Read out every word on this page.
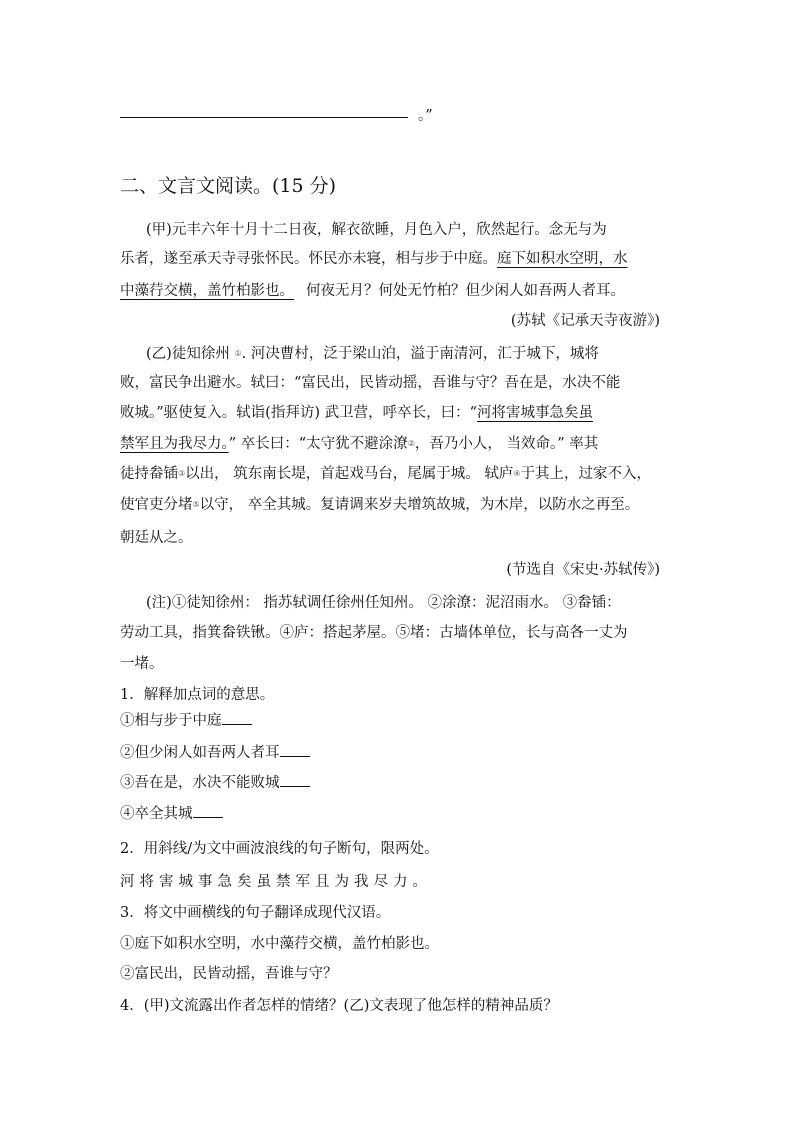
。”
二、文言文阅读。(15 分)
(甲)元丰六年十月十二日夜，解衣欲睡，月色入户，欣然起行。念无与为
乐者，遂至承天寺寻张怀民。怀民亦未寝，相与步于中庭。庭下如积水空明，水
中藻荇交横，盖竹柏影也。 何夜无月？何处无竹柏？但少闲人如吾两人者耳。
(苏轼《记承天寺夜游》)
(乙)徒知徐州 ①. 河决曹村，泛于梁山泊，溢于南清河，汇于城下，城将
败，富民争出避水。轼曰：“富民出，民皆动摇，吾谁与守？吾在是，水决不能
败城。”驱使复入。轼诣(指拜访) 武卫营，呼卒长，曰：“河将害城事急矣虽
禁军且为我尽力。” 卒长曰：“太守犹不避涂潦②，吾乃小人， 当效命。” 率其
徒持畚锸③以出， 筑东南长堤，首起戏马台，尾属于城。 轼庐④于其上，过家不入，
使官吏分堵⑤以守， 卒全其城。复请调来岁夫增筑故城，为木岸，以防水之再至。
朝廷从之。
(节选自《宋史·苏轼传》)
(注)①徒知徐州： 指苏轼调任徐州任知州。 ②涂潦：泥沼雨水。 ③畚锸：
劳动工具，指箕畚铁锹。④庐：搭起茅屋。⑤堵：古墙体单位，长与高各一丈为
一堵。
1．解释加点词的意思。
①相与步于中庭
②但少闲人如吾两人者耳
③吾在是，水决不能败城
④卒全其城
2．用斜线/为文中画波浪线的句子断句，限两处。
河将害城事急矣虽禁军且为我尽力。
3．将文中画横线的句子翻译成现代汉语。
①庭下如积水空明，水中藻荇交横，盖竹柏影也。
②富民出，民皆动摇，吾谁与守？
4．(甲)文流露出作者怎样的情绪？(乙)文表现了他怎样的精神品质？
